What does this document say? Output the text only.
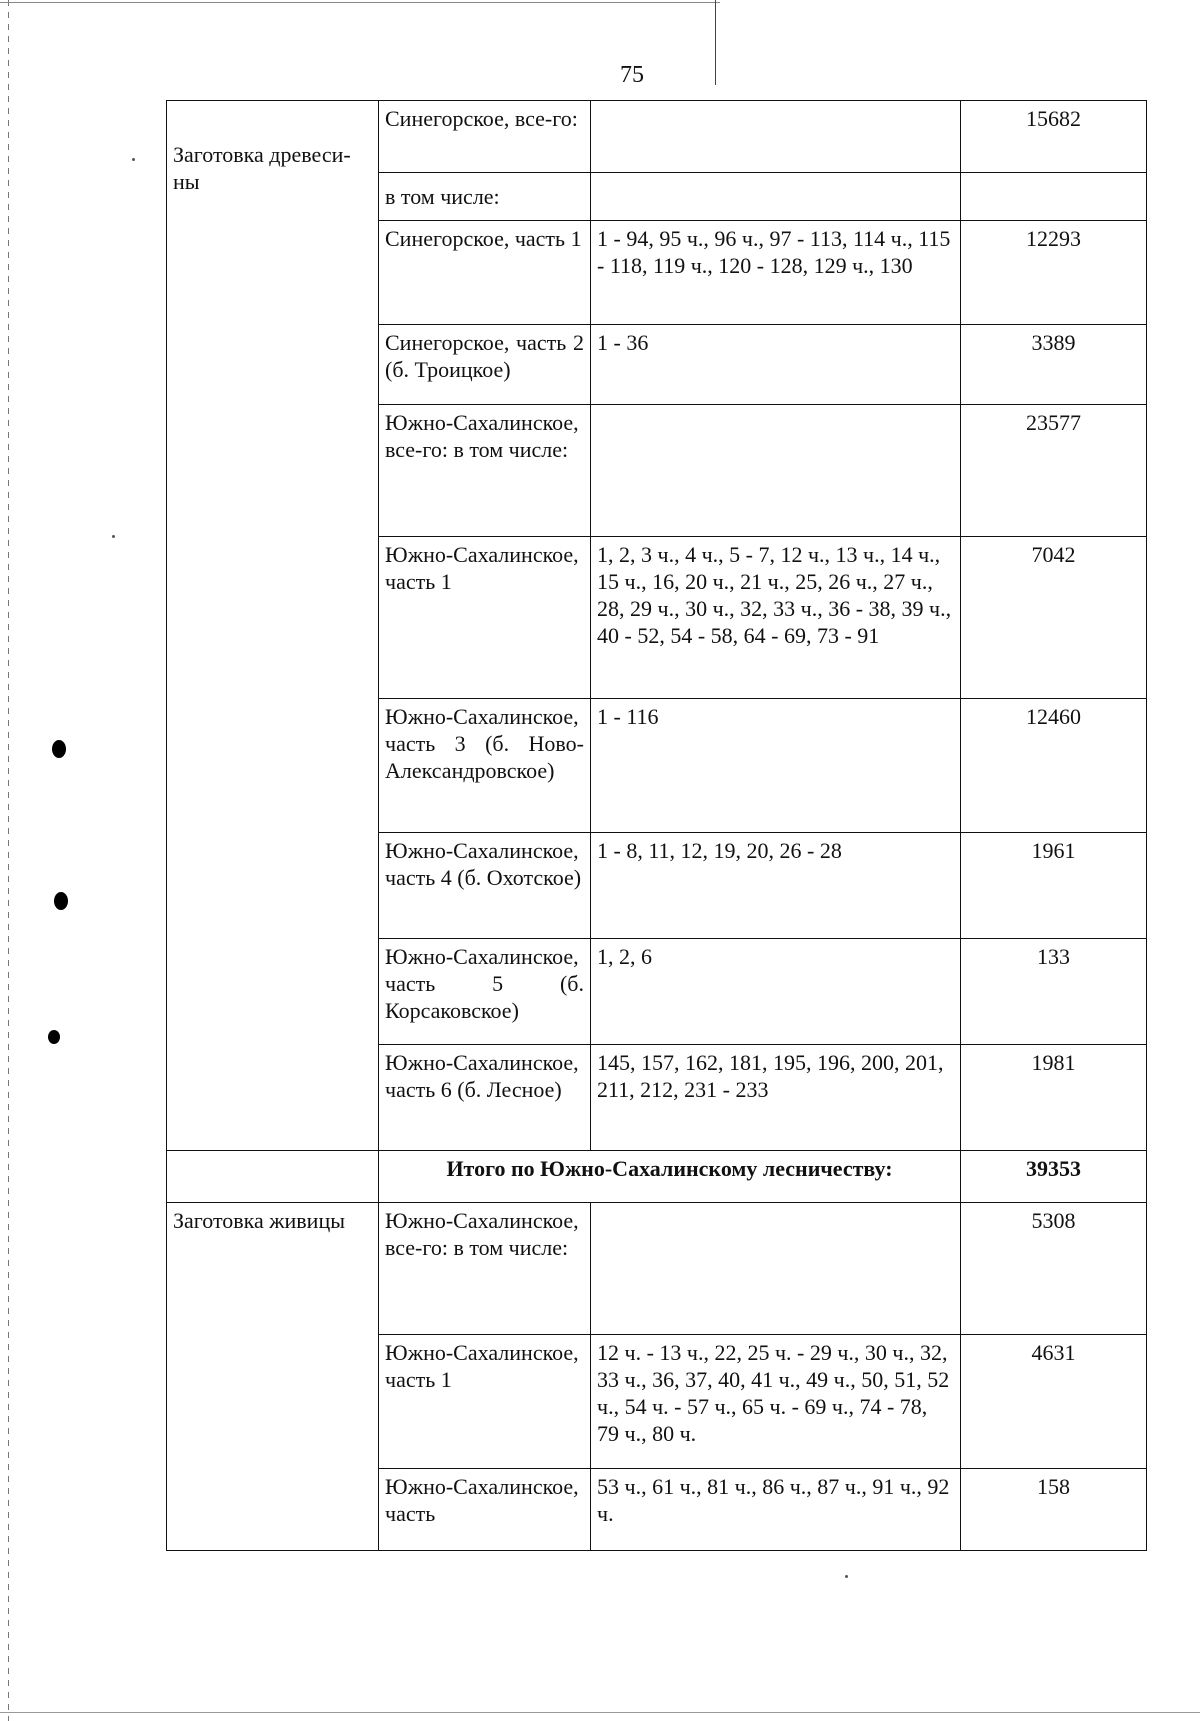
75
Заготовка древеси-ны	Синегорское, все-го:		15682
	в том числе:		
	Синегорское, часть 1	1 - 94, 95 ч., 96 ч., 97 - 113, 114 ч., 115 - 118, 119 ч., 120 - 128, 129 ч., 130	12293
	Синегорское, часть 2 (б. Троицкое)	1 - 36	3389
	Южно-Сахалинское, все-го: в том числе:		23577
	Южно-Сахалинское, часть 1	1, 2, 3 ч., 4 ч., 5 - 7, 12 ч., 13 ч., 14 ч., 15 ч., 16, 20 ч., 21 ч., 25, 26 ч., 27 ч., 28, 29 ч., 30 ч., 32, 33 ч., 36 - 38, 39 ч., 40 - 52, 54 - 58, 64 - 69, 73 - 91	7042
	Южно-Сахалинское, часть 3 (б. Ново-Александровское)	1 - 116	12460
	Южно-Сахалинское, часть 4 (б. Охотское)	1 - 8, 11, 12, 19, 20, 26 - 28	1961
	Южно-Сахалинское, часть 5 (б. Корсаковское)	1, 2, 6	133
	Южно-Сахалинское, часть 6 (б. Лесное)	145, 157, 162, 181, 195, 196, 200, 201, 211, 212, 231 - 233	1981
	Итого по Южно-Сахалинскому лесничеству:		39353
Заготовка живицы	Южно-Сахалинское, все-го: в том числе:		5308
	Южно-Сахалинское, часть 1	12 ч. - 13 ч., 22, 25 ч. - 29 ч., 30 ч., 32, 33 ч., 36, 37, 40, 41 ч., 49 ч., 50, 51, 52 ч., 54 ч. - 57 ч., 65 ч. - 69 ч., 74 - 78, 79 ч., 80 ч.	4631
	Южно-Сахалинское, часть	53 ч., 61 ч., 81 ч., 86 ч., 87 ч., 91 ч., 92 ч.	158
